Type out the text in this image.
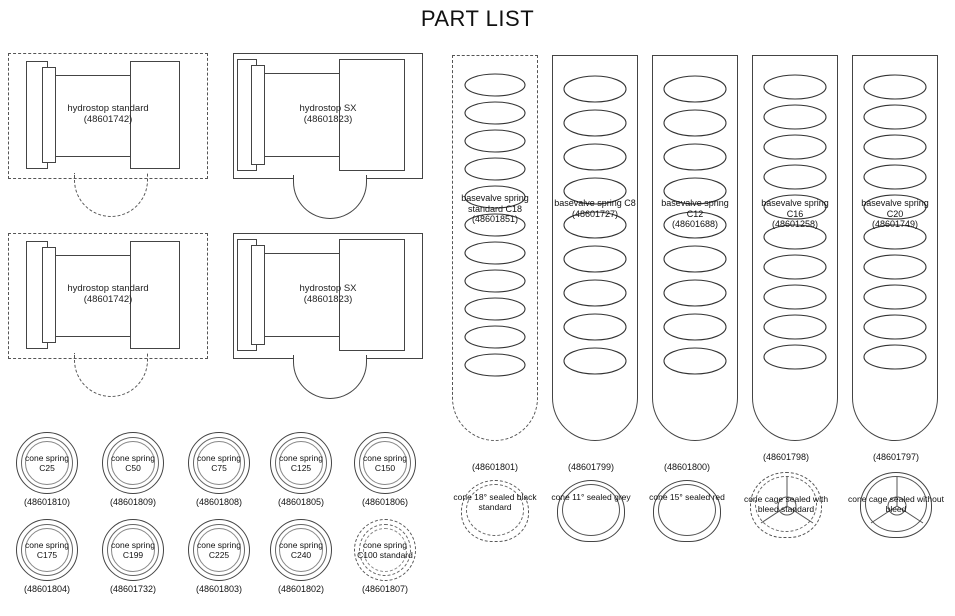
PART LIST
hydrostop standard
(48601742)
hydrostop SX
(48601823)
hydrostop standard
(48601742)
hydrostop SX
(48601823)
basevalve spring standard C18
(48601851)
basevalve spring C8
(48601727)
basevalve spring C12
(48601688)
basevalve spring C16
(48601258)
basevalve spring C20
(48601749)
cone spring C25
(48601810)
cone spring C50
(48601809)
cone spring C75
(48601808)
cone spring C125
(48601805)
cone spring C150
(48601806)
cone spring C175
(48601804)
cone spring C199
(48601732)
cone spring C225
(48601803)
cone spring C240
(48601802)
cone spring C100 standard
(48601807)
(48601801)
cone 18° sealed black standard
(48601799)
cone 11° sealed grey
(48601800)
cone 15° sealed red
(48601798)
cone cage sealed with bleed standard
(48601797)
cone cage sealed without bleed
